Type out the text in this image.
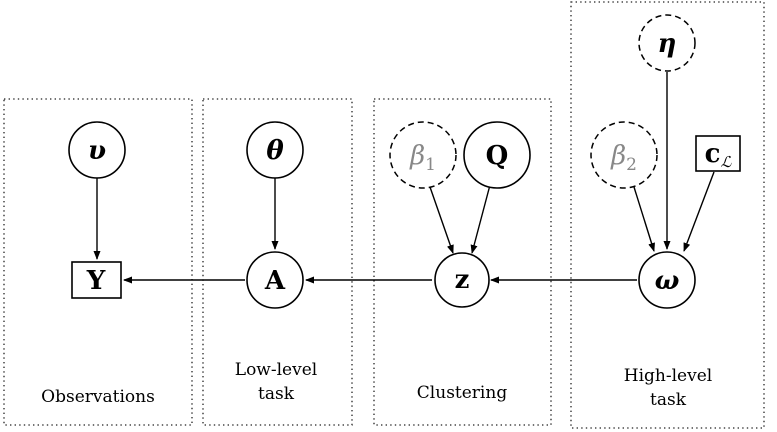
υ	θ	β1 Q	β2
η
cℒ
Y	A	z	ω
Observations
Low-level
task	Clustering
High-level
task
